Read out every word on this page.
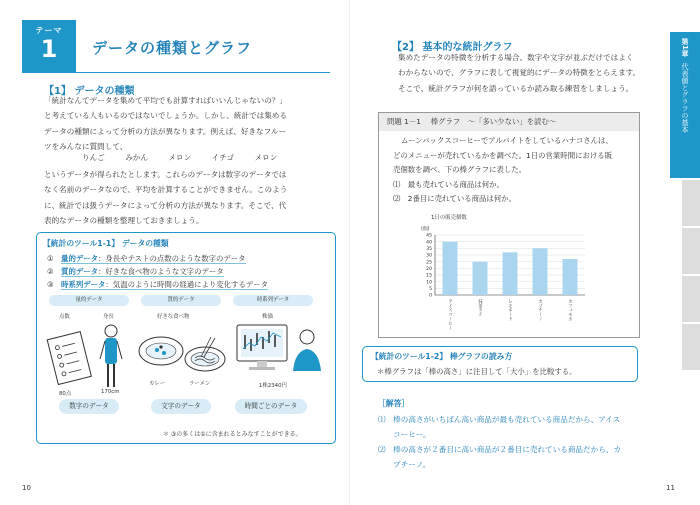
テーマ
1	データの種類とグラフ
【1】 データの種類

「統計なんてデータを集めて平均でも計算すればいいんじゃないの？」

と考えている人もいるのではないでしょうか。しかし、統計では集める

データの種類によって分析の方法が異なります。例えば、好きなフルー

ツをみんなに質問して、

りんご	みかん	メロン	イチゴ	メロン

というデータが得られたとします。これらのデータは数字のデータでは

なく名前のデータなので、平均を計算することができません。このよう

に、統計では扱うデータによって分析の方法が異なります。そこで、代

表的なデータの種類を整理しておきましょう。

【統計のツール1-1】 データの種類
①　 量的データ：身長やテストの点数のような数字のデータ
②　 質的データ：好きな食べ物のような文字のデータ
③　 時系列データ：気温のように時間の経過により変化するデータ
量的データ	質的データ	時系列データ
点数	身長	好きな食べ物	株価
80点	170cm
カレー	ラーメン	1株2340円
数字のデータ	文字のデータ	時間ごとのデータ
＊ ③の多くは①に含まれるとみなすことができる。
10
【2】 基本的な統計グラフ

集めたデータの特徴を分析する場合、数字や文字が並ぶだけではよく

わからないので、グラフに表して視覚的にデータの特徴をとらえます。

そこで、統計グラフが何を語っているか読み取る練習をしましょう。

問題 1－1　 棒グラフ　～「多い少ない」を読む～

ムーンバックスコーヒーでアルバイトをしているハナコさんは、

どのメニューが売れているかを調べた。1日の営業時間における販

売個数を調べ、下の棒グラフに表した。

⑴　最も売れている商品は何か。

⑵　2番目に売れている商品は何か。

1日の販売個数
(個)
0
5
10
15
20
25
30
35
40
45
アイスコーヒー	抹茶ラテ	レモネード	カプチーノ	カフェモカ
【統計のツール1-2】 棒グラフの読み方
＊棒グラフは「棒の高さ」に注目して「大小」を比較する。
［解答］

⑴　棒の高さがいちばん高い商品が最も売れている商品だから、アイス

　　コーヒー。

⑵　棒の高さが２番目に高い商品が２番目に売れている商品だから、カ

　　プチーノ。

11
第1章
代表値とグラフの基本
